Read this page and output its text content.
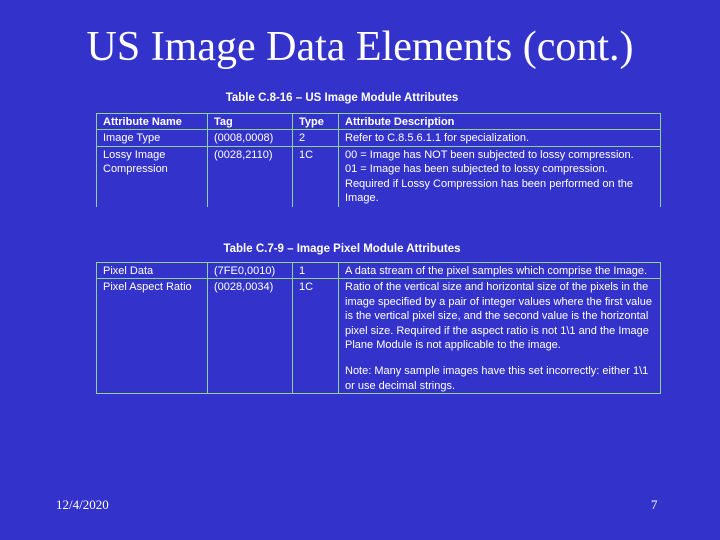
US Image Data Elements (cont.)
Table C.8-16 – US Image Module Attributes
Attribute Name	Tag	Type	Attribute Description
Image Type	(0008,0008)	2	Refer to C.8.5.6.1.1 for specialization.

Lossy Image Compression	(0028,2110)	1C	00 = Image has NOT been subjected to lossy compression.
01 = Image has been subjected to lossy compression.
Required if Lossy Compression has been performed on the Image.
Table C.7-9 – Image Pixel Module Attributes
Pixel Data	(7FE0,0010)	1	A data stream of the pixel samples which comprise the Image.

Pixel Aspect Ratio	(0028,0034)	1C	Ratio of the vertical size and horizontal size of the pixels in the image specified by a pair of integer values where the first value is the vertical pixel size, and the second value is the horizontal pixel size. Required if the aspect ratio is not 1\1 and the Image Plane Module is not applicable to the image.
Note: Many sample images have this set incorrectly: either 1\1 or use decimal strings.
12/4/2020	7
